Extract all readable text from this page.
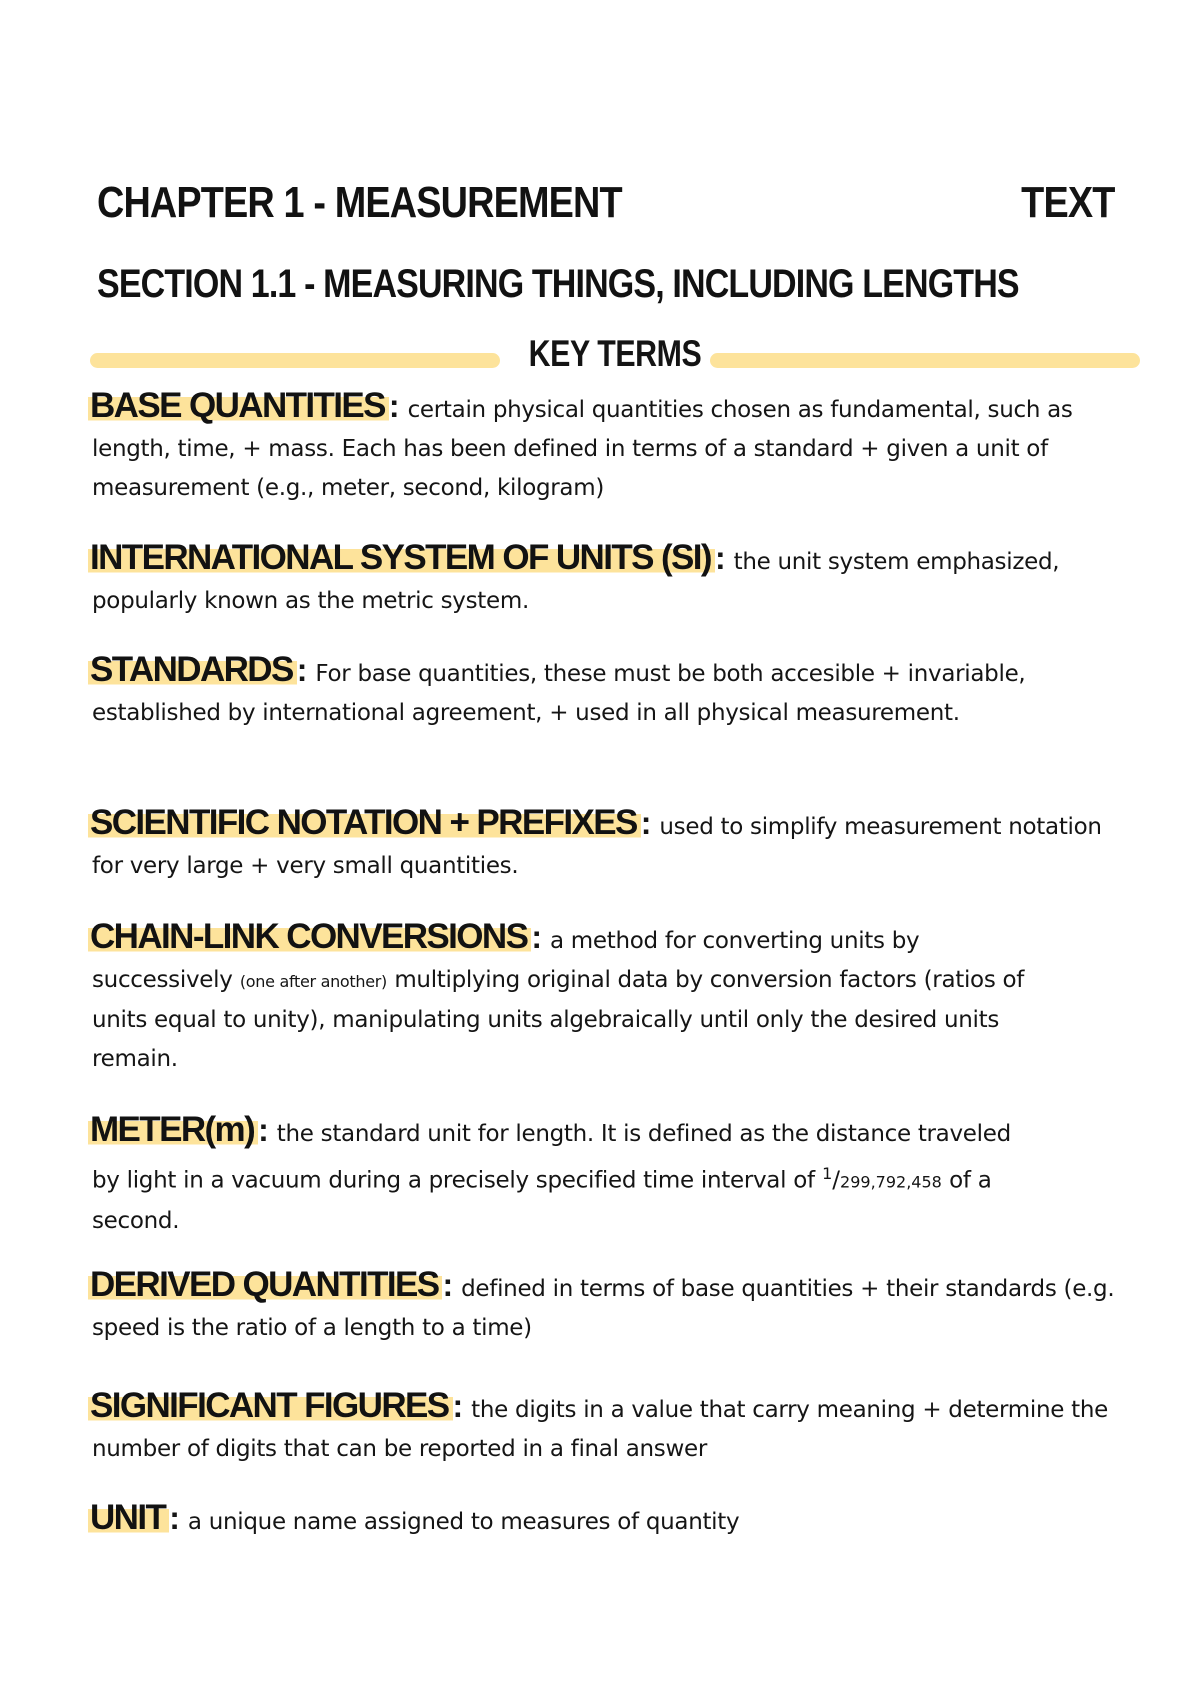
CHAPTER 1 - MEASUREMENT	TEXT
SECTION 1.1 - MEASURING THINGS, INCLUDING LENGTHS
KEY TERMS
BASE QUANTITIES : certain physical quantities chosen as fundamental, such as length, time, + mass. Each has been defined in terms of a standard + given a unit of measurement (e.g., meter, second, kilogram)
INTERNATIONAL SYSTEM OF UNITS (SI) : the unit system emphasized, popularly known as the metric system.
STANDARDS : For base quantities, these must be both accesible + invariable, established by international agreement, + used in all physical measurement.
SCIENTIFIC NOTATION + PREFIXES : used to simplify measurement notation for very large + very small quantities.
CHAIN-LINK CONVERSIONS : a method for converting units by successively (one after another) multiplying original data by conversion factors (ratios of units equal to unity), manipulating units algebraically until only the desired units remain.
METER(m) : the standard unit for length. It is defined as the distance traveled by light in a vacuum during a precisely specified time interval of $^1$/299,792,458 of a second.
DERIVED QUANTITIES : defined in terms of base quantities + their standards (e.g. speed is the ratio of a length to a time)
SIGNIFICANT FIGURES : the digits in a value that carry meaning + determine the number of digits that can be reported in a final answer
UNIT : a unique name assigned to measures of quantity
